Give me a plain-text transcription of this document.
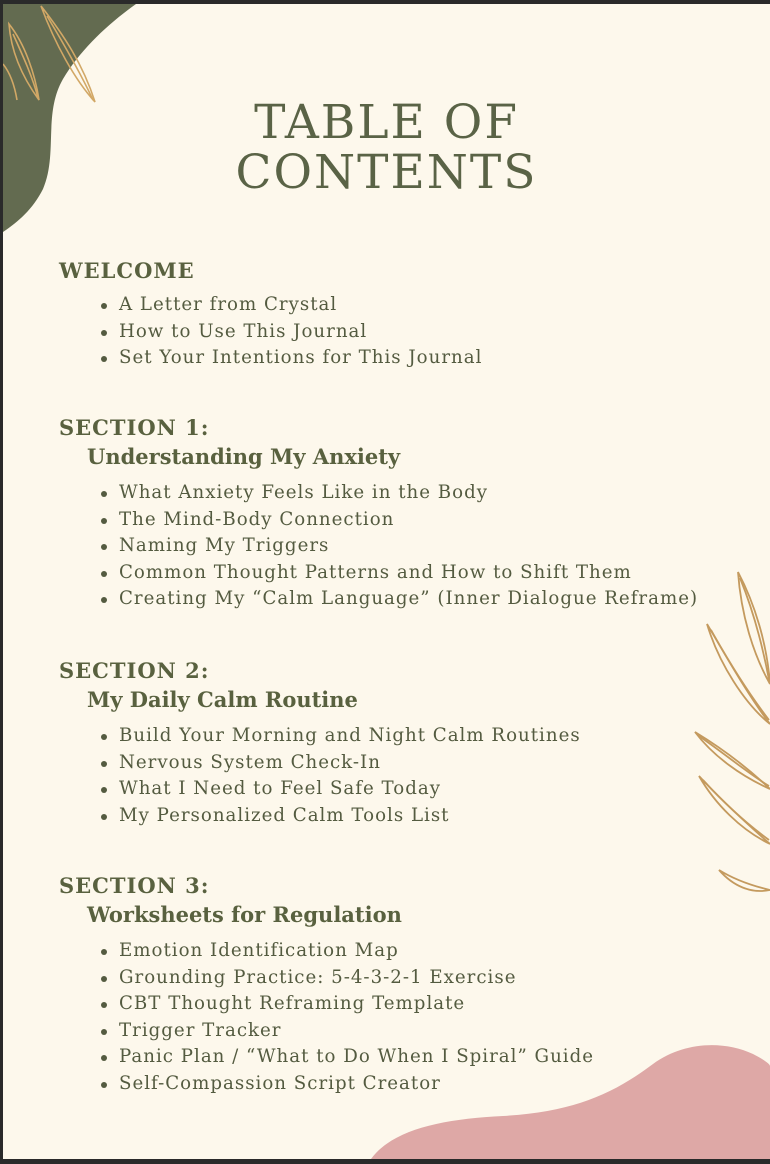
TABLE OF
CONTENTS
WELCOME
A Letter from Crystal
How to Use This Journal
Set Your Intentions for This Journal
SECTION 1:
Understanding My Anxiety
What Anxiety Feels Like in the Body
The Mind-Body Connection
Naming My Triggers
Common Thought Patterns and How to Shift Them
Creating My “Calm Language” (Inner Dialogue Reframe)
SECTION 2:
My Daily Calm Routine
Build Your Morning and Night Calm Routines
Nervous System Check-In
What I Need to Feel Safe Today
My Personalized Calm Tools List
SECTION 3:
Worksheets for Regulation
Emotion Identification Map
Grounding Practice: 5-4-3-2-1 Exercise
CBT Thought Reframing Template
Trigger Tracker
Panic Plan / “What to Do When I Spiral” Guide
Self-Compassion Script Creator
